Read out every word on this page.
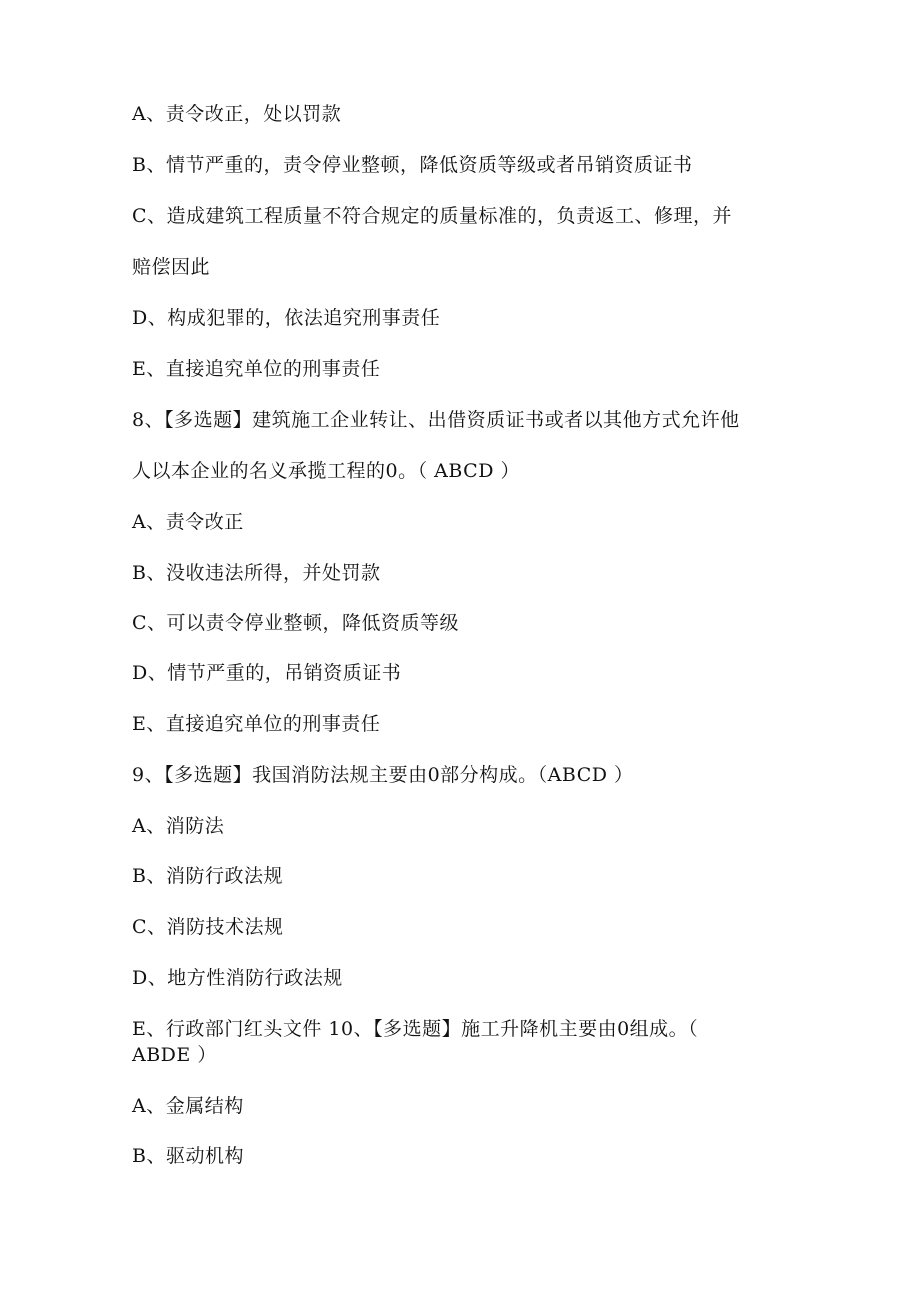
A、责令改正，处以罚款
B、情节严重的，责令停业整顿，降低资质等级或者吊销资质证书
C、造成建筑工程质量不符合规定的质量标准的，负责返工、修理，并
赔偿因此
D、构成犯罪的，依法追究刑事责任
E、直接追究单位的刑事责任
8、【多选题】建筑施工企业转让、出借资质证书或者以其他方式允许他
人以本企业的名义承揽工程的0。（ ABCD ）
A、责令改正
B、没收违法所得，并处罚款
C、可以责令停业整顿，降低资质等级
D、情节严重的，吊销资质证书
E、直接追究单位的刑事责任
9、【多选题】我国消防法规主要由0部分构成。（ABCD ）
A、消防法
B、消防行政法规
C、消防技术法规
D、地方性消防行政法规
E、行政部门红头文件 10、【多选题】施工升降机主要由0组成。（
ABDE ）
A、金属结构
B、驱动机构
